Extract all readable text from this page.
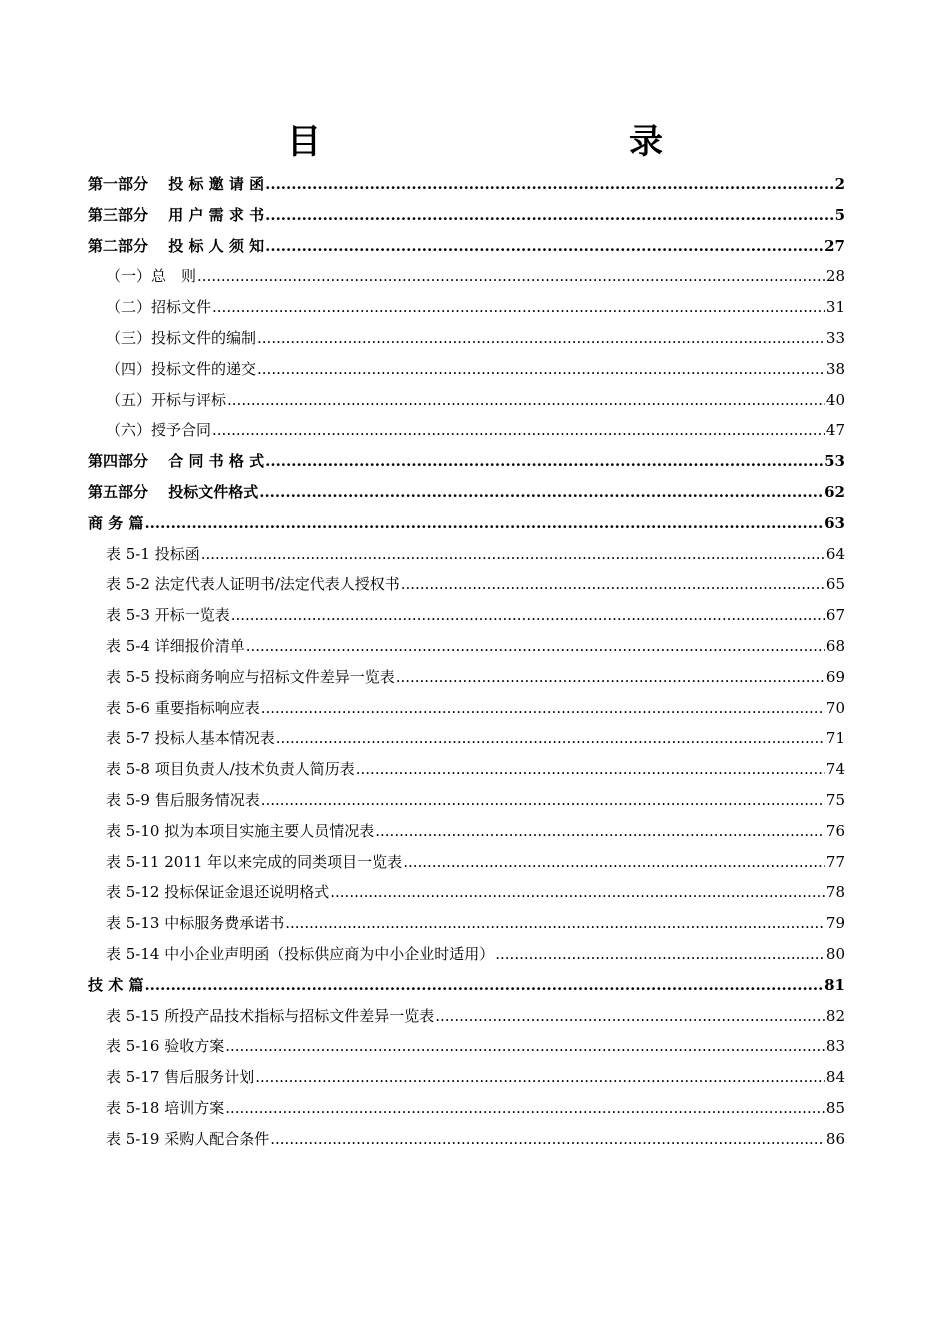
目　　录
第一部分　 投 标 邀 请 函 .....	2
第三部分　 用 户 需 求 书 .....	5
第二部分　 投 标 人 须 知 .....	27
（一）总　则 .....	28
（二）招标文件 .....	31
（三）投标文件的编制 .....	33
（四）投标文件的递交 .....	38
（五）开标与评标 .....	40
（六）授予合同 .....	47
第四部分　 合 同 书 格 式 .....	53
第五部分　 投标文件格式 .....	62
商 务 篇 .....	63
表 5-1 投标函 .....	64
表 5-2 法定代表人证明书/法定代表人授权书 .....	65
表 5-3 开标一览表 .....	67
表 5-4 详细报价清单 .....	68
表 5-5 投标商务响应与招标文件差异一览表 .....	69
表 5-6 重要指标响应表 .....	70
表 5-7 投标人基本情况表 .....	71
表 5-8 项目负责人/技术负责人简历表 .....	74
表 5-9 售后服务情况表 .....	75
表 5-10 拟为本项目实施主要人员情况表 .....	76
表 5-11 2011 年以来完成的同类项目一览表 .....	77
表 5-12 投标保证金退还说明格式 .....	78
表 5-13 中标服务费承诺书 .....	79
表 5-14 中小企业声明函（投标供应商为中小企业时适用） .....	80
技 术 篇 .....	81
表 5-15 所投产品技术指标与招标文件差异一览表 .....	82
表 5-16 验收方案 .....	83
表 5-17 售后服务计划 .....	84
表 5-18 培训方案 .....	85
表 5-19 采购人配合条件 .....	86
